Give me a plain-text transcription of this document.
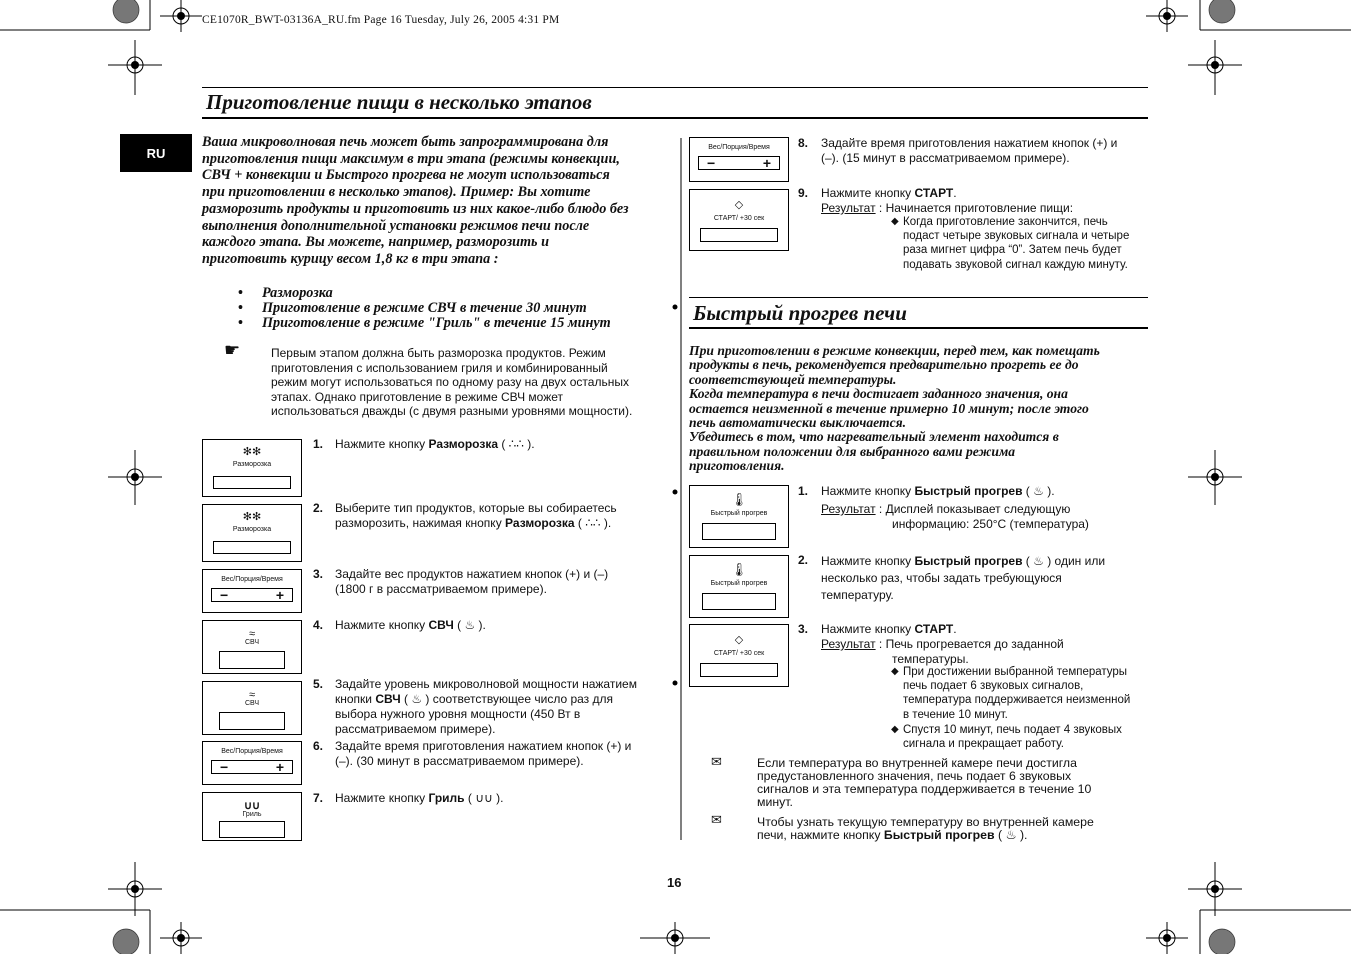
CE1070R_BWT-03136A_RU.fm Page 16 Tuesday, July 26, 2005 4:31 PM
RU
Приготовление пищи в несколько этапов
Ваша микроволновая печь может быть запрограммирована для
приготовления пищи максимум в три этапа (режимы конвекции,
СВЧ + конвекции и Быстрого прогрева не могут использоваться
при приготовлении в несколько этапов). Пример: Вы хотите
разморозить продукты и приготовить из них какое-либо блюдо без
выполнения дополнительной установки режимов печи после
каждого этапа. Вы можете, например, разморозить и
приготовить курицу весом 1,8 кг в три этапа :
• Разморозка
• Приготовление в режиме СВЧ в течение 30 минут
• Приготовление в режиме "Гриль" в течение 15 минут
☛	Первым этапом должна быть разморозка продуктов. Режим
приготовления с использованием гриля и комбинированный
режим могут использоваться по одному разу на двух остальных
этапах. Однако приготовление в режиме СВЧ может
использоваться дважды (с двумя разными уровнями мощности).
✻✻
Разморозка
✻✻
Разморозка
Вес/Порция/Время
−	+
≈
СВЧ
≈
СВЧ
Вес/Порция/Время
−	+
∪∪
Гриль
1. Нажмите кнопку Разморозка ( ∴∴ ).
2. Выберите тип продуктов, которые вы собираетесь
разморозить, нажимая кнопку Разморозка ( ∴∴ ).
3. Задайте вес продуктов нажатием кнопок (+) и (–)
(1800 г в рассматриваемом примере).
4. Нажмите кнопку СВЧ ( ♨ ).
5. Задайте уровень микроволновой мощности нажатием
кнопки СВЧ ( ♨ ) соответствующее число раз для
выбора нужного уровня мощности (450 Вт в
рассматриваемом примере).
6. Задайте время приготовления нажатием кнопок (+) и
(–). (30 минут в рассматриваемом примере).
7. Нажмите кнопку Гриль ( ∪∪ ).
Вес/Порция/Время
−	+
◇
СТАРТ/ +30 сек
8. Задайте время приготовления нажатием кнопок (+) и
(–). (15 минут в рассматриваемом примере).
9. Нажмите кнопку СТАРТ.
Результат : Начинается приготовление пищи:
◆ Когда приготовление закончится, печь
подаст четыре звуковых сигнала и четыре
раза мигнет цифра “0”. Затем печь будет
подавать звуковой сигнал каждую минуту.
Быстрый прогрев печи
При приготовлении в режиме конвекции, перед тем, как помещать
продукты в печь, рекомендуется предварительно прогреть ее до
соответствующей температуры.
Когда температура в печи достигает заданного значения, она
остается неизменной в течение примерно 10 минут; после этого
печь автоматически выключается.
Убедитесь в том, что нагревательный элемент находится в
правильном положении для выбранного вами режима
приготовления.
🌡
Быстрый прогрев
🌡
Быстрый прогрев
◇
СТАРТ/ +30 сек
1. Нажмите кнопку Быстрый прогрев ( ♨ ).
Результат : Дисплей показывает следующую
информацию: 250°C (температура)
2. Нажмите кнопку Быстрый прогрев ( ♨ ) один или
несколько раз, чтобы задать требующуюся
температуру.
3. Нажмите кнопку СТАРТ.
Результат : Печь прогревается до заданной
температуры.
◆ При достижении выбранной температуры
печь подает 6 звуковых сигналов,
температура поддерживается неизменной
в течение 10 минут.
◆ Спустя 10 минут, печь подает 4 звуковых
сигнала и прекращает работу.
✉	Если температура во внутренней камере печи достигла
предустановленного значения, печь подает 6 звуковых
сигналов и эта температура поддерживается в течение 10
минут.
✉	Чтобы узнать текущую температуру во внутренней камере
печи, нажмите кнопку Быстрый прогрев ( ♨ ).
16
